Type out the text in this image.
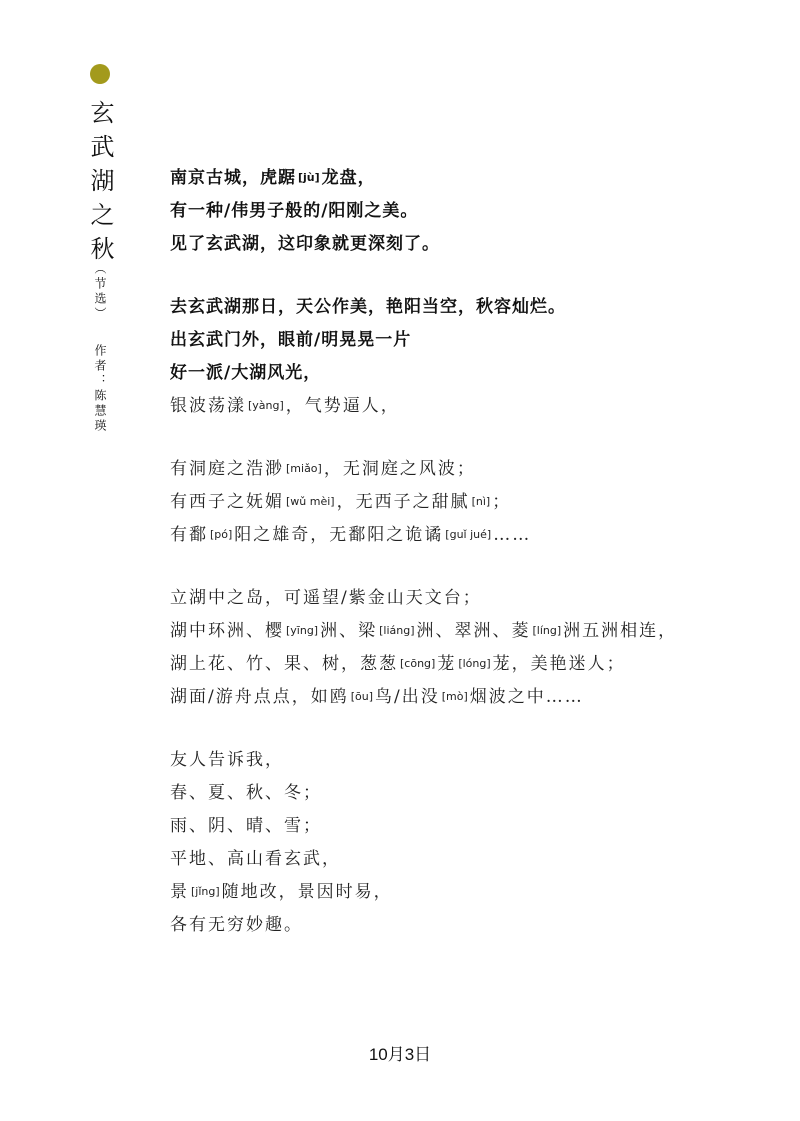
玄武湖之秋
（节选）
作者：陈慧瑛
南京古城，虎踞 [jù] 龙盘，
有一种/伟男子般的/阳刚之美。
见了玄武湖，这印象就更深刻了。
去玄武湖那日，天公作美，艳阳当空，秋容灿烂。
出玄武门外，眼前/明晃晃一片
好一派/大湖风光，
银波荡漾 [yàng] ，气势逼人，
有洞庭之浩渺 [miǎo] ，无洞庭之风波；
有西子之妩媚 [wǔ mèi] ，无西子之甜腻 [nì] ；
有鄱 [pó] 阳之雄奇，无鄱阳之诡谲 [guǐ jué] ……
立湖中之岛，可遥望/紫金山天文台；
湖中环洲、樱 [yīng] 洲、梁 [liáng] 洲、翠洲、菱 [líng] 洲五洲相连，
湖上花、竹、果、树，葱葱 [cōng] 茏 [lóng] 茏，美艳迷人；
湖面/游舟点点，如鸥 [ōu] 鸟/出没 [mò] 烟波之中……
友人告诉我，
春、夏、秋、冬；
雨、阴、晴、雪；
平地、高山看玄武，
景 [jǐng] 随地改，景因时易，
各有无穷妙趣。
10月3日
